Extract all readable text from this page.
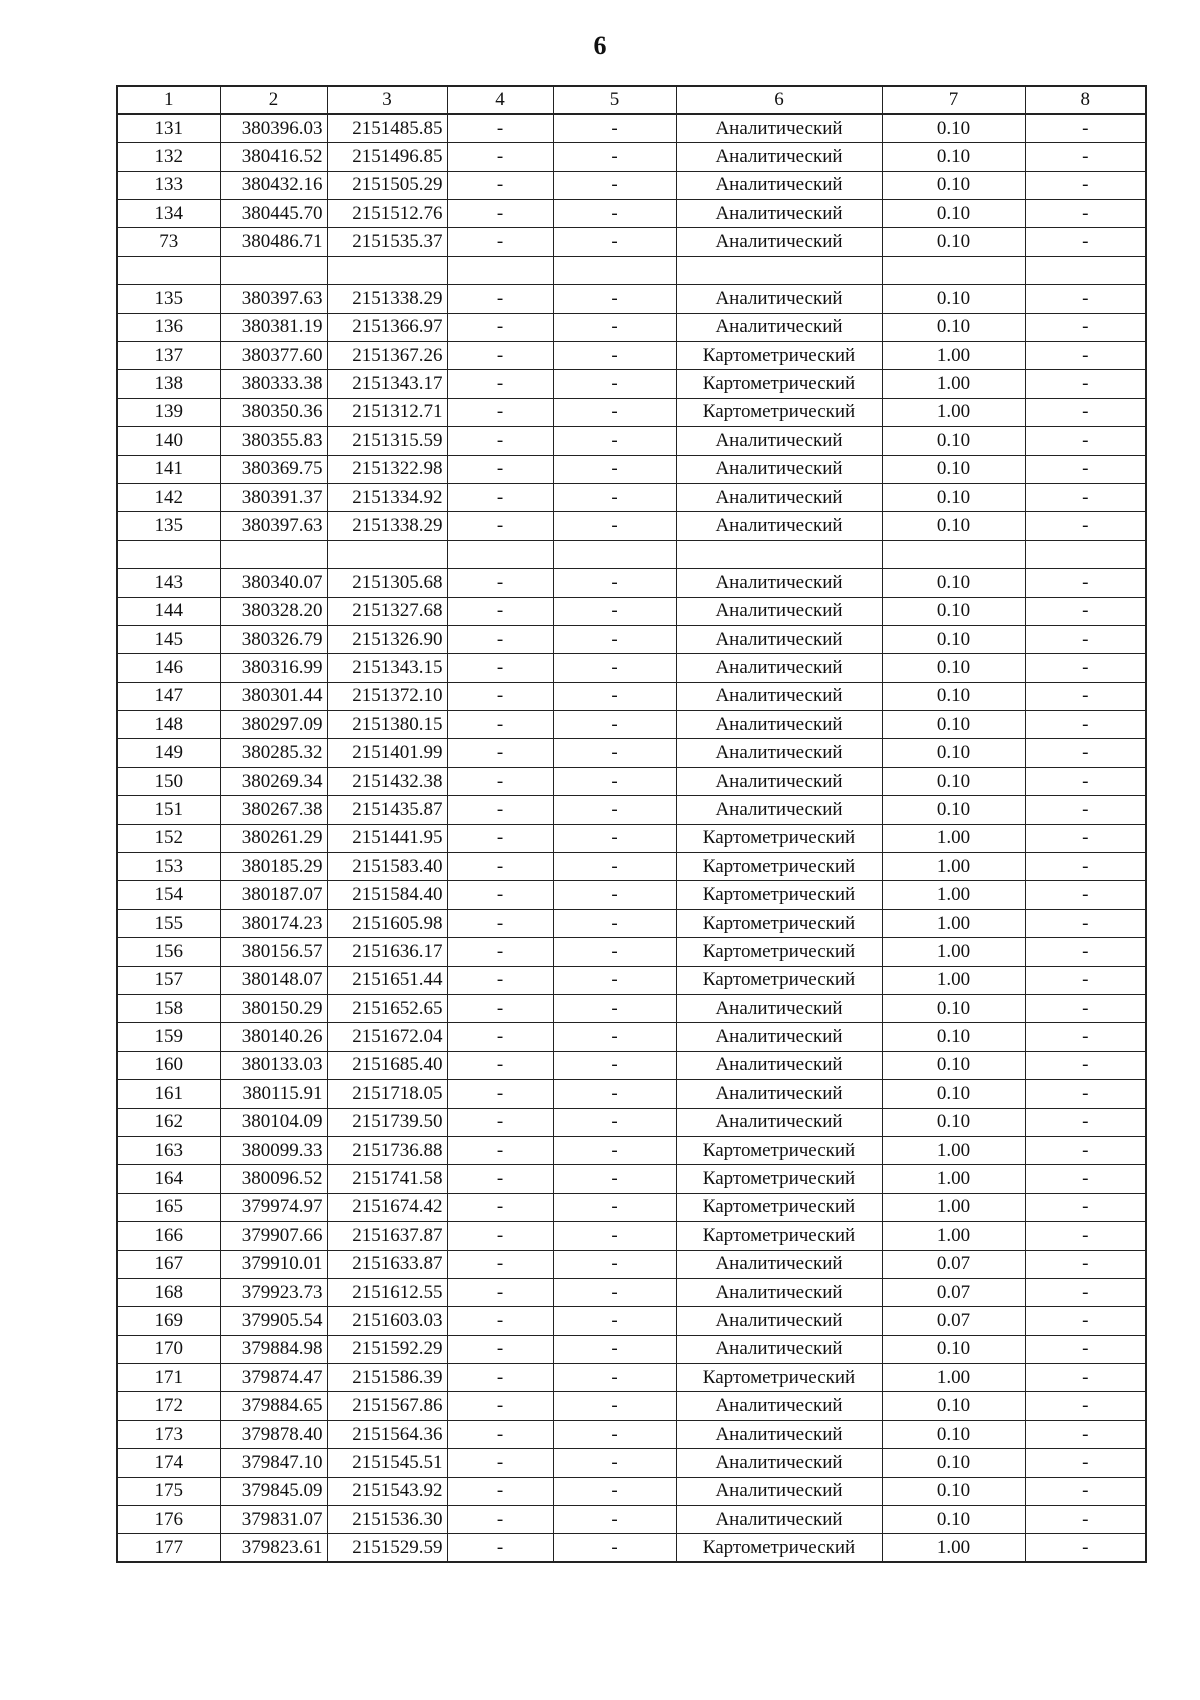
6
1	2	3	4	5	6	7	8
131	380396.03	2151485.85	-	-	Аналитический	0.10	-
132	380416.52	2151496.85	-	-	Аналитический	0.10	-
133	380432.16	2151505.29	-	-	Аналитический	0.10	-
134	380445.70	2151512.76	-	-	Аналитический	0.10	-
73	380486.71	2151535.37	-	-	Аналитический	0.10	-

135	380397.63	2151338.29	-	-	Аналитический	0.10	-
136	380381.19	2151366.97	-	-	Аналитический	0.10	-
137	380377.60	2151367.26	-	-	Картометрический	1.00	-
138	380333.38	2151343.17	-	-	Картометрический	1.00	-
139	380350.36	2151312.71	-	-	Картометрический	1.00	-
140	380355.83	2151315.59	-	-	Аналитический	0.10	-
141	380369.75	2151322.98	-	-	Аналитический	0.10	-
142	380391.37	2151334.92	-	-	Аналитический	0.10	-
135	380397.63	2151338.29	-	-	Аналитический	0.10	-

143	380340.07	2151305.68	-	-	Аналитический	0.10	-
144	380328.20	2151327.68	-	-	Аналитический	0.10	-
145	380326.79	2151326.90	-	-	Аналитический	0.10	-
146	380316.99	2151343.15	-	-	Аналитический	0.10	-
147	380301.44	2151372.10	-	-	Аналитический	0.10	-
148	380297.09	2151380.15	-	-	Аналитический	0.10	-
149	380285.32	2151401.99	-	-	Аналитический	0.10	-
150	380269.34	2151432.38	-	-	Аналитический	0.10	-
151	380267.38	2151435.87	-	-	Аналитический	0.10	-
152	380261.29	2151441.95	-	-	Картометрический	1.00	-
153	380185.29	2151583.40	-	-	Картометрический	1.00	-
154	380187.07	2151584.40	-	-	Картометрический	1.00	-
155	380174.23	2151605.98	-	-	Картометрический	1.00	-
156	380156.57	2151636.17	-	-	Картометрический	1.00	-
157	380148.07	2151651.44	-	-	Картометрический	1.00	-
158	380150.29	2151652.65	-	-	Аналитический	0.10	-
159	380140.26	2151672.04	-	-	Аналитический	0.10	-
160	380133.03	2151685.40	-	-	Аналитический	0.10	-
161	380115.91	2151718.05	-	-	Аналитический	0.10	-
162	380104.09	2151739.50	-	-	Аналитический	0.10	-
163	380099.33	2151736.88	-	-	Картометрический	1.00	-
164	380096.52	2151741.58	-	-	Картометрический	1.00	-
165	379974.97	2151674.42	-	-	Картометрический	1.00	-
166	379907.66	2151637.87	-	-	Картометрический	1.00	-
167	379910.01	2151633.87	-	-	Аналитический	0.07	-
168	379923.73	2151612.55	-	-	Аналитический	0.07	-
169	379905.54	2151603.03	-	-	Аналитический	0.07	-
170	379884.98	2151592.29	-	-	Аналитический	0.10	-
171	379874.47	2151586.39	-	-	Картометрический	1.00	-
172	379884.65	2151567.86	-	-	Аналитический	0.10	-
173	379878.40	2151564.36	-	-	Аналитический	0.10	-
174	379847.10	2151545.51	-	-	Аналитический	0.10	-
175	379845.09	2151543.92	-	-	Аналитический	0.10	-
176	379831.07	2151536.30	-	-	Аналитический	0.10	-
177	379823.61	2151529.59	-	-	Картометрический	1.00	-
